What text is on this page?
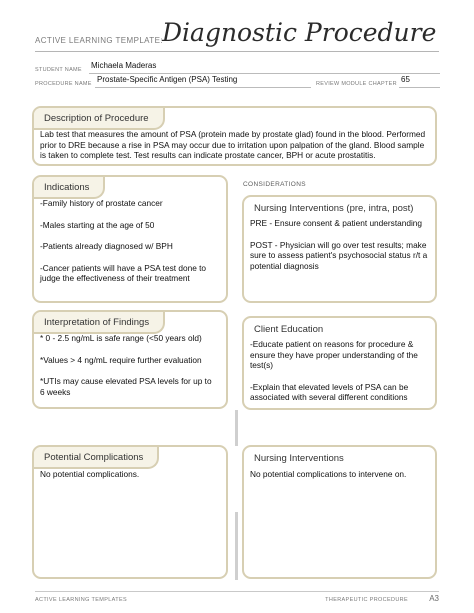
ACTIVE LEARNING TEMPLATE: Diagnostic Procedure
STUDENT NAME Michaela Maderas
PROCEDURE NAME Prostate-Specific Antigen (PSA) Testing	REVIEW MODULE CHAPTER 65
Description of Procedure
Lab test that measures the amount of PSA (protein made by prostate glad) found in the blood. Performed prior to DRE because a rise in PSA may occur due to irritation upon palpation of the gland. Blood sample is taken to complete test. Test results can indicate prostate cancer, BPH or acute prostatitis.
CONSIDERATIONS
Indications
-Family history of prostate cancer
-Males starting at the age of 50
-Patients already diagnosed w/ BPH
-Cancer patients will have a PSA test done to judge the effectiveness of their treatment
Nursing Interventions (pre, intra, post)
PRE - Ensure consent & patient understanding
POST - Physician will go over test results; make sure to assess patient's psychosocial status r/t a potential diagnosis
Interpretation of Findings
* 0 - 2.5 ng/mL is safe range (<50 years old)
*Values > 4 ng/mL require further evaluation
*UTIs may cause elevated PSA levels for up to 6 weeks
Client Education
-Educate patient on reasons for procedure & ensure they have proper understanding of the test(s)
-Explain that elevated levels of PSA can be associated with several different conditions
Potential Complications
No potential complications.
Nursing Interventions
No potential complications to intervene on.
ACTIVE LEARNING TEMPLATES	THERAPEUTIC PROCEDURE	A3
